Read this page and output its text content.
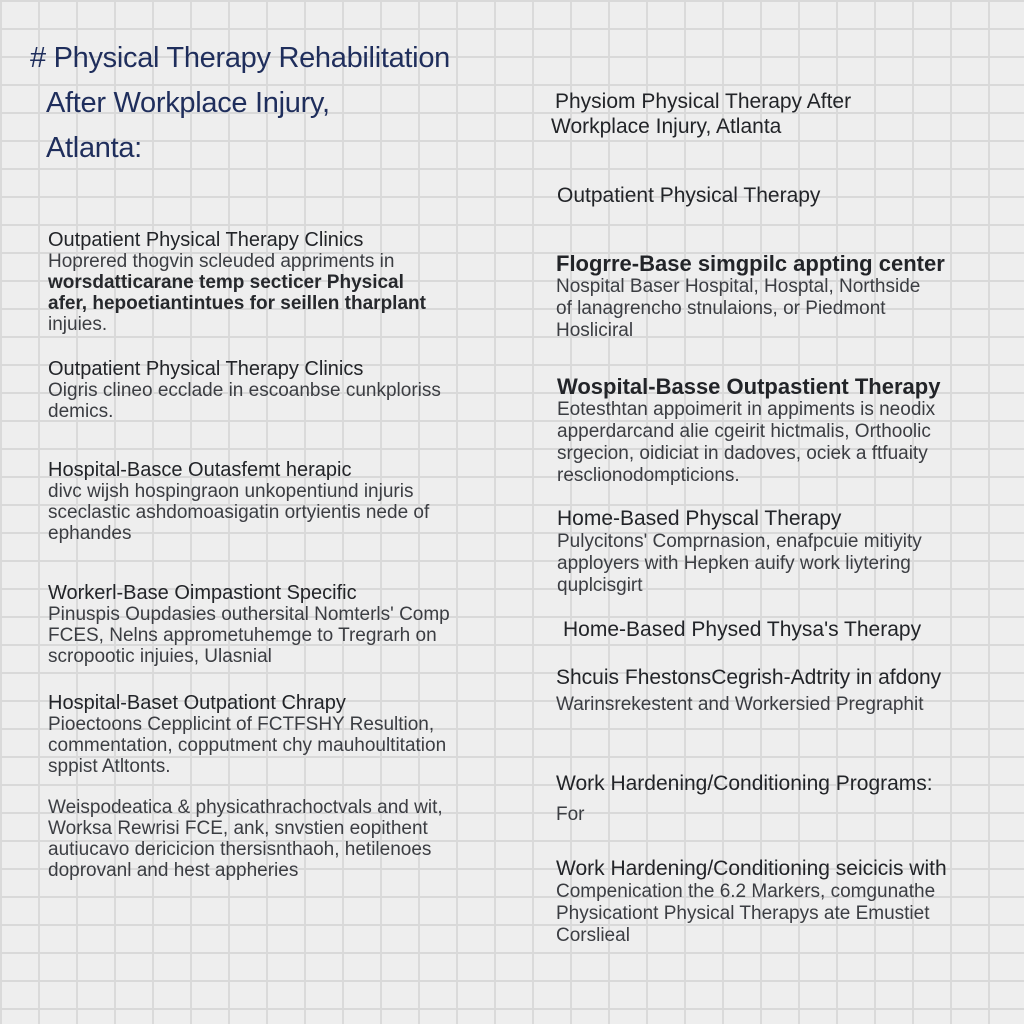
# Physical Therapy Rehabilitation
After Workplace Injury,
Atlanta:
Outpatient Physical Therapy Clinics
Hoprered thogvin scleuded appriments in
worsdatticarane temp secticer Physical
afer, hepoetiantintues for seillen tharplant
injuies.
Outpatient Physical Therapy Clinics
Oigris clineo ecclade in escoanbse cunkploriss
demics.
Hospital-Basce Outasfemt herapic
divc wijsh hospingraon unkopentiund injuris
sceclastic ashdomoasigatin ortyientis nede of
ephandes
Workerl-Base Oimpastiont Specific
Pinuspis Oupdasies outhersital Nomterls' Comp
FCES, Nelns apprometuhemge to Tregrarh on
scropootic injuies, Ulasnial
Hospital-Baset Outpationt Chrapy
Pioectoons Cepplicint of FCTFSHY Resultion,
commentation, copputment chy mauhoultitation
sppist Atltonts.
Weispodeatica & physicathrachoctvals and wit,
Worksa Rewrisi FCE, ank, snvstien eopithent
autiucavo dericicion thersisnthaoh, hetilenoes
doprovanl and hest appheries
Physiom Physical Therapy After
Workplace Injury, Atlanta
Outpatient Physical Therapy
Flogrre-Base simgpilc appting center
Nospital Baser Hospital, Hosptal, Northside
of lanagrencho stnulaions, or Piedmont
Hosliciral
Wospital-Basse Outpastient Therapy
Eotesthtan appoimerit in appiments is neodix
apperdarcand alie cgeirit hictmalis, Orthoolic
srgecion, oidiciat in dadoves, ociek a ftfuaity
resclionodompticions.
Home-Based Physcal Therapy
Pulycitons' Comprnasion, enafpcuie mitiyity
apployers with Hepken auify work liytering
quplcisgirt
Home-Based Physed Thysa's Therapy
Shcuis FhestonsCegrish-Adtrity in afdony
Warinsrekestent and Workersied Pregraphit
Work Hardening/Conditioning Programs:
For
Work Hardening/Conditioning seicicis with
Compenication the 6.2 Markers, comgunathe
Physicationt Physical Therapys ate Emustiet
Corslieal
